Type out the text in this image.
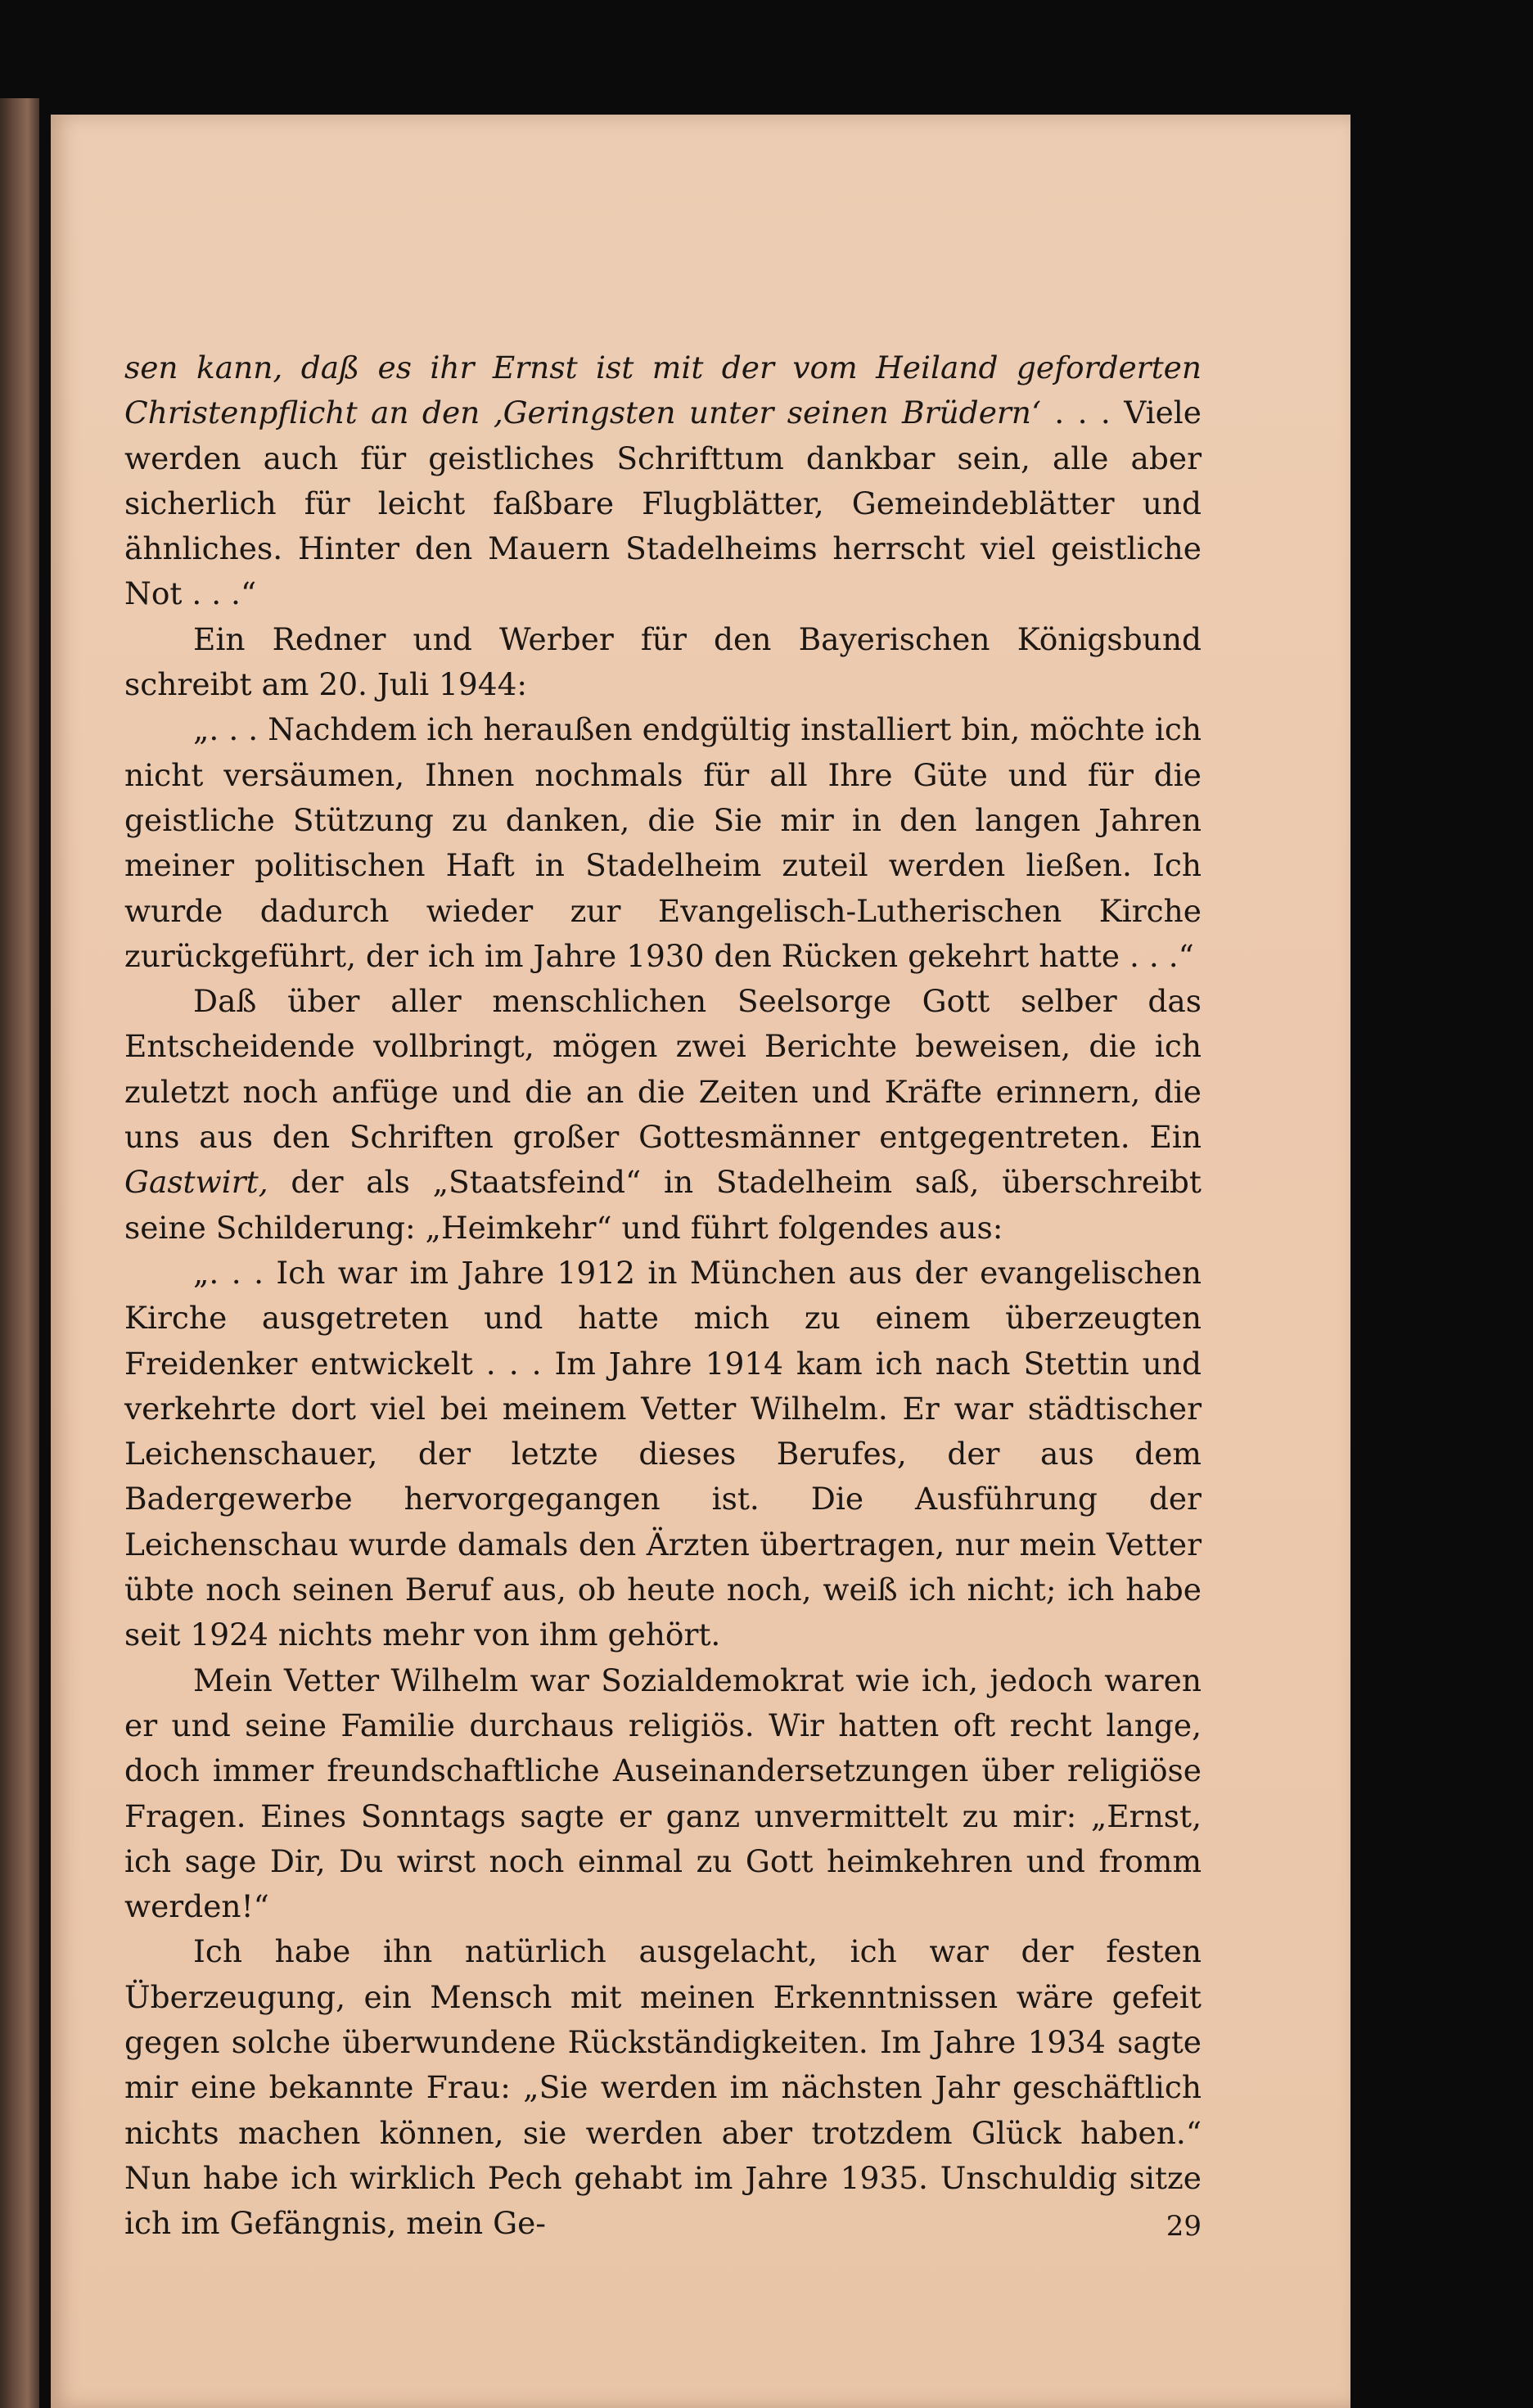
sen kann, daß es ihr Ernst ist mit der vom Heiland geforderten Christenpflicht an den ‚Geringsten unter seinen Brüdern‘ . . . Viele werden auch für geistliches Schrifttum dankbar sein, alle aber sicherlich für leicht faßbare Flugblätter, Gemeindeblätter und ähnliches. Hinter den Mauern Stadelheims herrscht viel geistliche Not . . .“

Ein Redner und Werber für den Bayerischen Königsbund schreibt am 20. Juli 1944:

„. . . Nachdem ich heraußen endgültig installiert bin, möchte ich nicht versäumen, Ihnen nochmals für all Ihre Güte und für die geistliche Stützung zu danken, die Sie mir in den langen Jahren meiner politischen Haft in Stadelheim zuteil werden ließen. Ich wurde dadurch wieder zur Evangelisch-Lutherischen Kirche zurückgeführt, der ich im Jahre 1930 den Rücken gekehrt hatte . . .“

Daß über aller menschlichen Seelsorge Gott selber das Entscheidende vollbringt, mögen zwei Berichte beweisen, die ich zuletzt noch anfüge und die an die Zeiten und Kräfte erinnern, die uns aus den Schriften großer Gottesmänner entgegentreten. Ein Gastwirt, der als „Staatsfeind“ in Stadelheim saß, überschreibt seine Schilderung: „Heimkehr“ und führt folgendes aus:

„. . . Ich war im Jahre 1912 in München aus der evangelischen Kirche ausgetreten und hatte mich zu einem überzeugten Freidenker entwickelt . . . Im Jahre 1914 kam ich nach Stettin und verkehrte dort viel bei meinem Vetter Wilhelm. Er war städtischer Leichenschauer, der letzte dieses Berufes, der aus dem Badergewerbe hervorgegangen ist. Die Ausführung der Leichenschau wurde damals den Ärzten übertragen, nur mein Vetter übte noch seinen Beruf aus, ob heute noch, weiß ich nicht; ich habe seit 1924 nichts mehr von ihm gehört.

Mein Vetter Wilhelm war Sozialdemokrat wie ich, jedoch waren er und seine Familie durchaus religiös. Wir hatten oft recht lange, doch immer freundschaftliche Auseinandersetzungen über religiöse Fragen. Eines Sonntags sagte er ganz unvermittelt zu mir: „Ernst, ich sage Dir, Du wirst noch einmal zu Gott heimkehren und fromm werden!“

Ich habe ihn natürlich ausgelacht, ich war der festen Überzeugung, ein Mensch mit meinen Erkenntnissen wäre gefeit gegen solche überwundene Rückständigkeiten. Im Jahre 1934 sagte mir eine bekannte Frau: „Sie werden im nächsten Jahr geschäftlich nichts machen können, sie werden aber trotzdem Glück haben.“ Nun habe ich wirklich Pech gehabt im Jahre 1935. Unschuldig sitze ich im Gefängnis, mein Ge-	29
